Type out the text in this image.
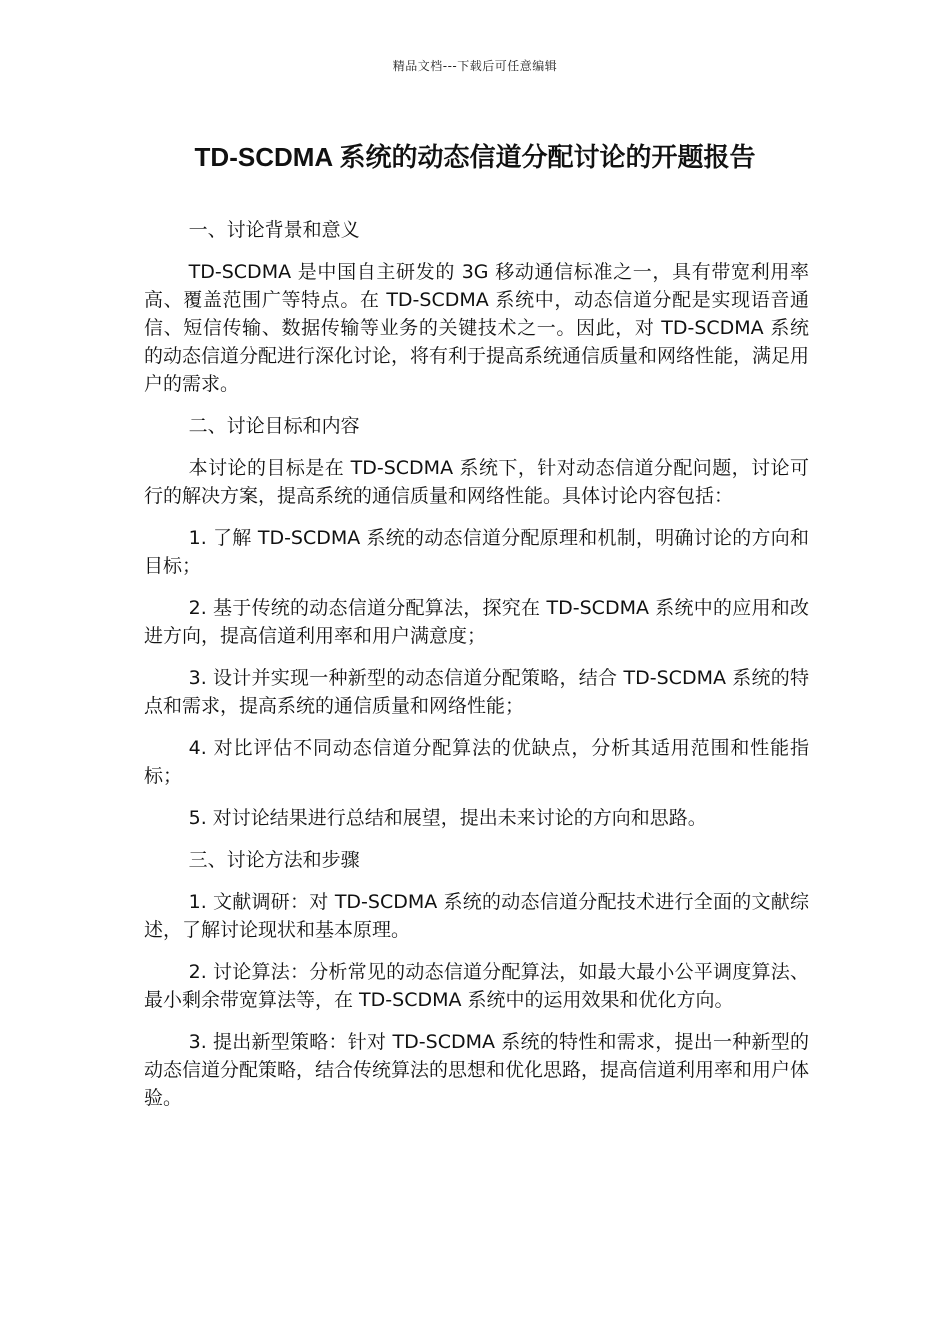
精品文档---下载后可任意编辑
TD-SCDMA 系统的动态信道分配讨论的开题报告

一、讨论背景和意义

TD-SCDMA 是中国自主研发的 3G 移动通信标准之一，具有带宽利用率高、覆盖范围广等特点。在 TD-SCDMA 系统中，动态信道分配是实现语音通信、短信传输、数据传输等业务的关键技术之一。因此，对 TD-SCDMA 系统的动态信道分配进行深化讨论，将有利于提高系统通信质量和网络性能，满足用户的需求。

二、讨论目标和内容

本讨论的目标是在 TD-SCDMA 系统下，针对动态信道分配问题，讨论可行的解决方案，提高系统的通信质量和网络性能。具体讨论内容包括：

1. 了解 TD-SCDMA 系统的动态信道分配原理和机制，明确讨论的方向和目标；

2. 基于传统的动态信道分配算法，探究在 TD-SCDMA 系统中的应用和改进方向，提高信道利用率和用户满意度；

3. 设计并实现一种新型的动态信道分配策略，结合 TD-SCDMA 系统的特点和需求，提高系统的通信质量和网络性能；

4. 对比评估不同动态信道分配算法的优缺点，分析其适用范围和性能指标；

5. 对讨论结果进行总结和展望，提出未来讨论的方向和思路。

三、讨论方法和步骤

1. 文献调研：对 TD-SCDMA 系统的动态信道分配技术进行全面的文献综述，了解讨论现状和基本原理。

2. 讨论算法：分析常见的动态信道分配算法，如最大最小公平调度算法、最小剩余带宽算法等，在 TD-SCDMA 系统中的运用效果和优化方向。

3. 提出新型策略：针对 TD-SCDMA 系统的特性和需求，提出一种新型的动态信道分配策略，结合传统算法的思想和优化思路，提高信道利用率和用户体验。
